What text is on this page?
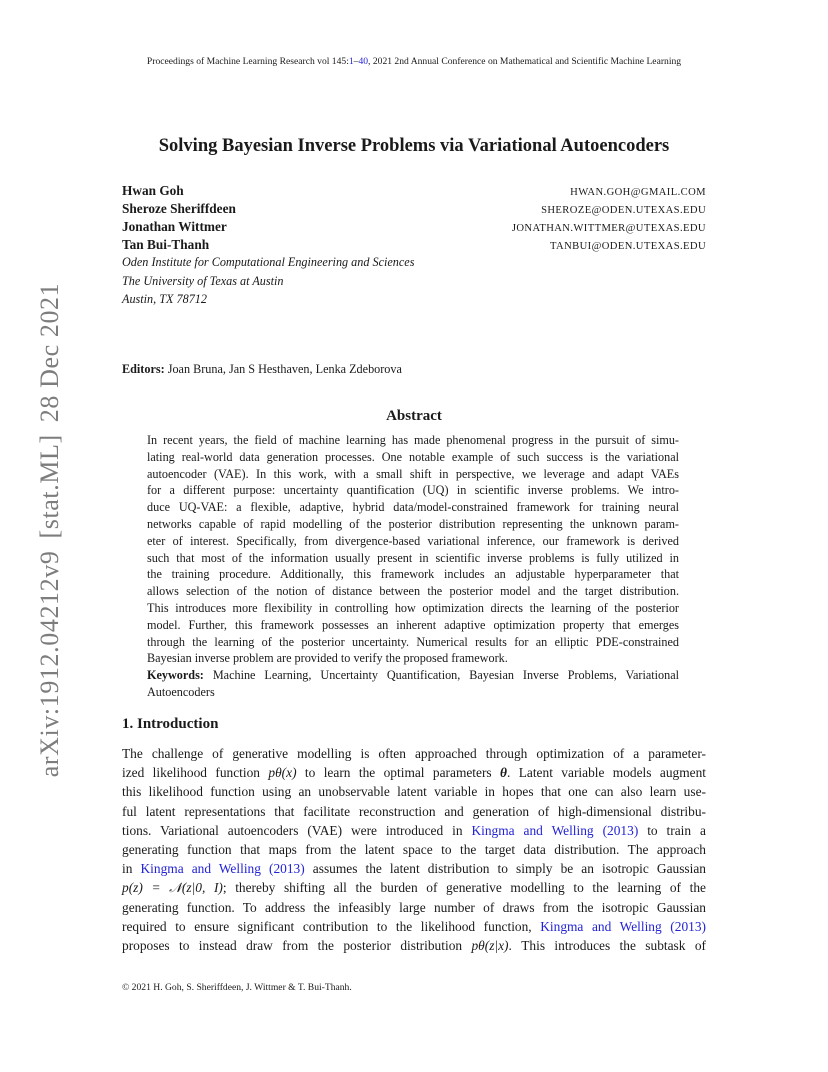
Proceedings of Machine Learning Research vol 145:1–40, 2021 2nd Annual Conference on Mathematical and Scientific Machine Learning
Solving Bayesian Inverse Problems via Variational Autoencoders
Hwan Goh	HWAN.GOH@GMAIL.COM
Sheroze Sheriffdeen	SHEROZE@ODEN.UTEXAS.EDU
Jonathan Wittmer	JONATHAN.WITTMER@UTEXAS.EDU
Tan Bui-Thanh	TANBUI@ODEN.UTEXAS.EDU
Oden Institute for Computational Engineering and Sciences
The University of Texas at Austin
Austin, TX 78712
arXiv:1912.04212v9[stat.ML]28 Dec 2021	Editors: Joan Bruna, Jan S Hesthaven, Lenka Zdeborova
Abstract
In recent years, the field of machine learning has made phenomenal progress in the pursuit of simu-
lating real-world data generation processes. One notable example of such success is the variational
autoencoder (VAE). In this work, with a small shift in perspective, we leverage and adapt VAEs
for a different purpose: uncertainty quantification (UQ) in scientific inverse problems. We intro-
duce UQ-VAE: a flexible, adaptive, hybrid data/model-constrained framework for training neural
networks capable of rapid modelling of the posterior distribution representing the unknown param-
eter of interest. Specifically, from divergence-based variational inference, our framework is derived
such that most of the information usually present in scientific inverse problems is fully utilized in
the training procedure. Additionally, this framework includes an adjustable hyperparameter that
allows selection of the notion of distance between the posterior model and the target distribution.
This introduces more flexibility in controlling how optimization directs the learning of the posterior
model. Further, this framework possesses an inherent adaptive optimization property that emerges
through the learning of the posterior uncertainty. Numerical results for an elliptic PDE-constrained
Bayesian inverse problem are provided to verify the proposed framework.
Keywords: Machine Learning, Uncertainty Quantification, Bayesian Inverse Problems, Variational
Autoencoders
1. Introduction
The challenge of generative modelling is often approached through optimization of a parameter-
ized likelihood function pθ(x) to learn the optimal parameters θ. Latent variable models augment
this likelihood function using an unobservable latent variable in hopes that one can also learn use-
ful latent representations that facilitate reconstruction and generation of high-dimensional distribu-
tions. Variational autoencoders (VAE) were introduced in Kingma and Welling (2013) to train a
generating function that maps from the latent space to the target data distribution. The approach
in Kingma and Welling (2013) assumes the latent distribution to simply be an isotropic Gaussian
p(z) = 𝒩(z|0, I); thereby shifting all the burden of generative modelling to the learning of the
generating function. To address the infeasibly large number of draws from the isotropic Gaussian
required to ensure significant contribution to the likelihood function, Kingma and Welling (2013)
proposes to instead draw from the posterior distribution pθ(z|x). This introduces the subtask of
© 2021 H. Goh, S. Sheriffdeen, J. Wittmer & T. Bui-Thanh.
